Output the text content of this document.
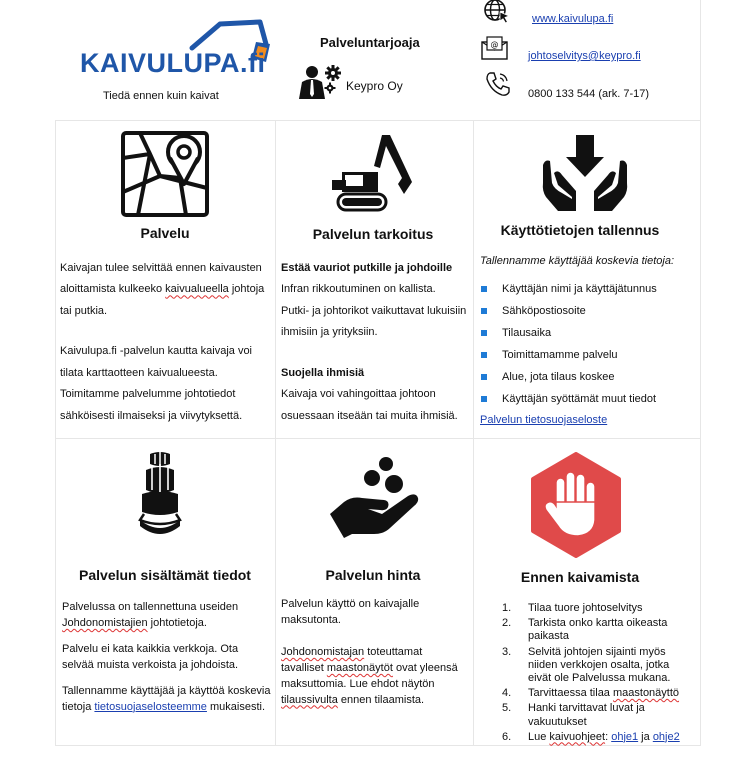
KAIVULUPA.fi
Tiedä ennen kuin kaivat
Palveluntarjoaja
Keypro Oy
www.kaivulupa.fi
@
johtoselvitys@keypro.fi
0800 133 544 (ark. 7-17)
Palvelu

Kaivajan tulee selvittää ennen kaivausten aloittamista kulkeeko kaivualueella johtoja tai putkia.

Kaivulupa.fi -palvelun kautta kaivaja voi tilata karttaotteen kaivualueesta. Toimitamme palvelumme johtotiedot sähköisesti ilmaiseksi ja viivytyksettä.

Palvelun tarkoitus

Estää vauriot putkille ja johdoille

Infran rikkoutuminen on kallista.

Putki- ja johtorikot vaikuttavat lukuisiin ihmisiin ja yrityksiin.

Suojella ihmisiä

Kaivaja voi vahingoittaa johtoon osuessaan itseään tai muita ihmisiä.

Käyttötietojen tallennus
Tallennamme käyttäjää koskevia tietoja:
Käyttäjän nimi ja käyttäjätunnus
Sähköpostiosoite
Tilausaika
Toimittamamme palvelu
Alue, jota tilaus koskee
Käyttäjän syöttämät muut tiedot
Palvelun tietosuojaseloste
Palvelun sisältämät tiedot

Palvelussa on tallennettuna useiden Johdonomistajien johtotietoja.

Palvelu ei kata kaikkia verkkoja. Ota selvää muista verkoista ja johdoista.

Tallennamme käyttäjää ja käyttöä koskevia tietoja tietosuojaselosteemme mukaisesti.

Palvelun hinta

Palvelun käyttö on kaivajalle maksutonta.

Johdonomistajan toteuttamat tavalliset maastonäytöt ovat yleensä maksuttomia. Lue ehdot näytön tilaussivulta ennen tilaamista.

Ennen kaivamista
1. Tilaa tuore johtoselvitys
2. Tarkista onko kartta oikeasta paikasta
3. Selvitä johtojen sijainti myös niiden verkkojen osalta, jotka eivät ole Palvelussa mukana.
4. Tarvittaessa tilaa maastonäyttö
5. Hanki tarvittavat luvat ja vakuutukset
6. Lue kaivuohjeet: ohje1 ja ohje2
